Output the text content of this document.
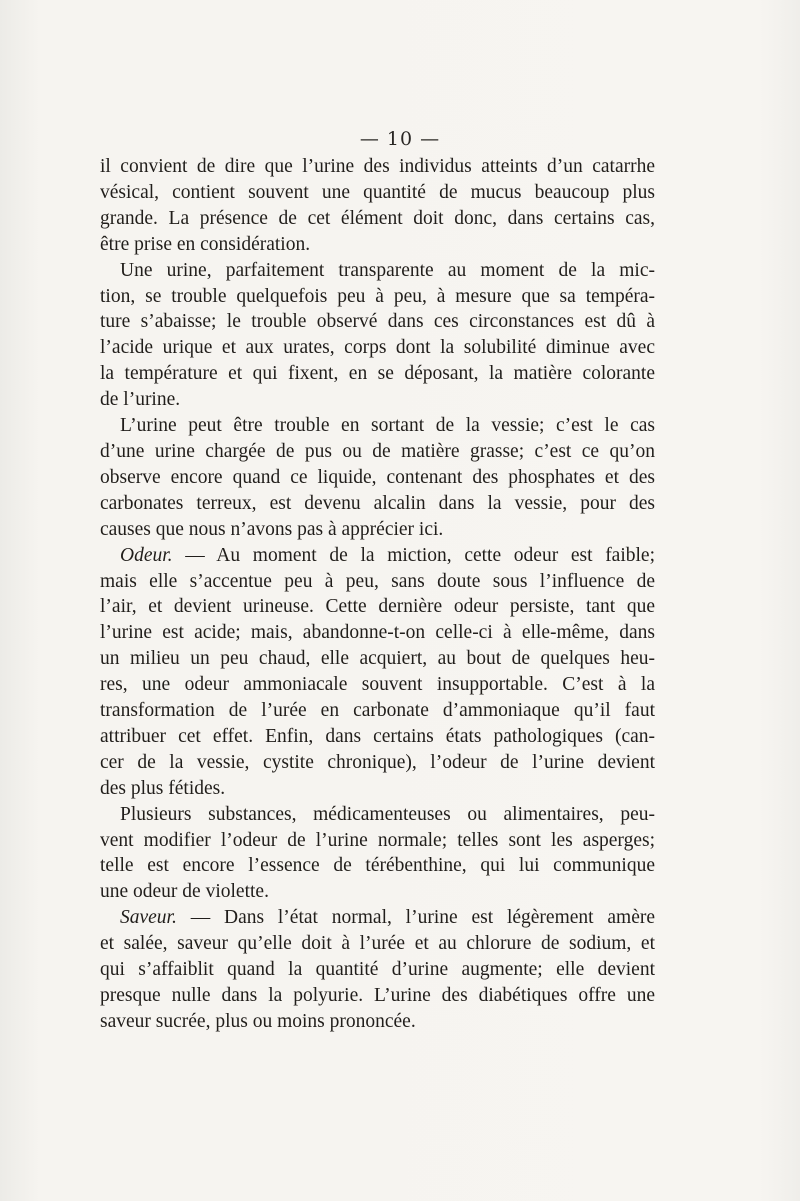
— 10 —
il convient de dire que l’urine des individus atteints d’un catarrhe
vésical, contient souvent une quantité de mucus beaucoup plus
grande. La présence de cet élément doit donc, dans certains cas,
être prise en considération.
Une urine, parfaitement transparente au moment de la mic-
tion, se trouble quelquefois peu à peu, à mesure que sa tempéra-
ture s’abaisse; le trouble observé dans ces circonstances est dû à
l’acide urique et aux urates, corps dont la solubilité diminue avec
la température et qui fixent, en se déposant, la matière colorante
de l’urine.
L’urine peut être trouble en sortant de la vessie; c’est le cas
d’une urine chargée de pus ou de matière grasse; c’est ce qu’on
observe encore quand ce liquide, contenant des phosphates et des
carbonates terreux, est devenu alcalin dans la vessie, pour des
causes que nous n’avons pas à apprécier ici.
Odeur. — Au moment de la miction, cette odeur est faible;
mais elle s’accentue peu à peu, sans doute sous l’influence de
l’air, et devient urineuse. Cette dernière odeur persiste, tant que
l’urine est acide; mais, abandonne-t-on celle-ci à elle-même, dans
un milieu un peu chaud, elle acquiert, au bout de quelques heu-
res, une odeur ammoniacale souvent insupportable. C’est à la
transformation de l’urée en carbonate d’ammoniaque qu’il faut
attribuer cet effet. Enfin, dans certains états pathologiques (can-
cer de la vessie, cystite chronique), l’odeur de l’urine devient
des plus fétides.
Plusieurs substances, médicamenteuses ou alimentaires, peu-
vent modifier l’odeur de l’urine normale; telles sont les asperges;
telle est encore l’essence de térébenthine, qui lui communique
une odeur de violette.
Saveur. — Dans l’état normal, l’urine est légèrement amère
et salée, saveur qu’elle doit à l’urée et au chlorure de sodium, et
qui s’affaiblit quand la quantité d’urine augmente; elle devient
presque nulle dans la polyurie. L’urine des diabétiques offre une
saveur sucrée, plus ou moins prononcée.
